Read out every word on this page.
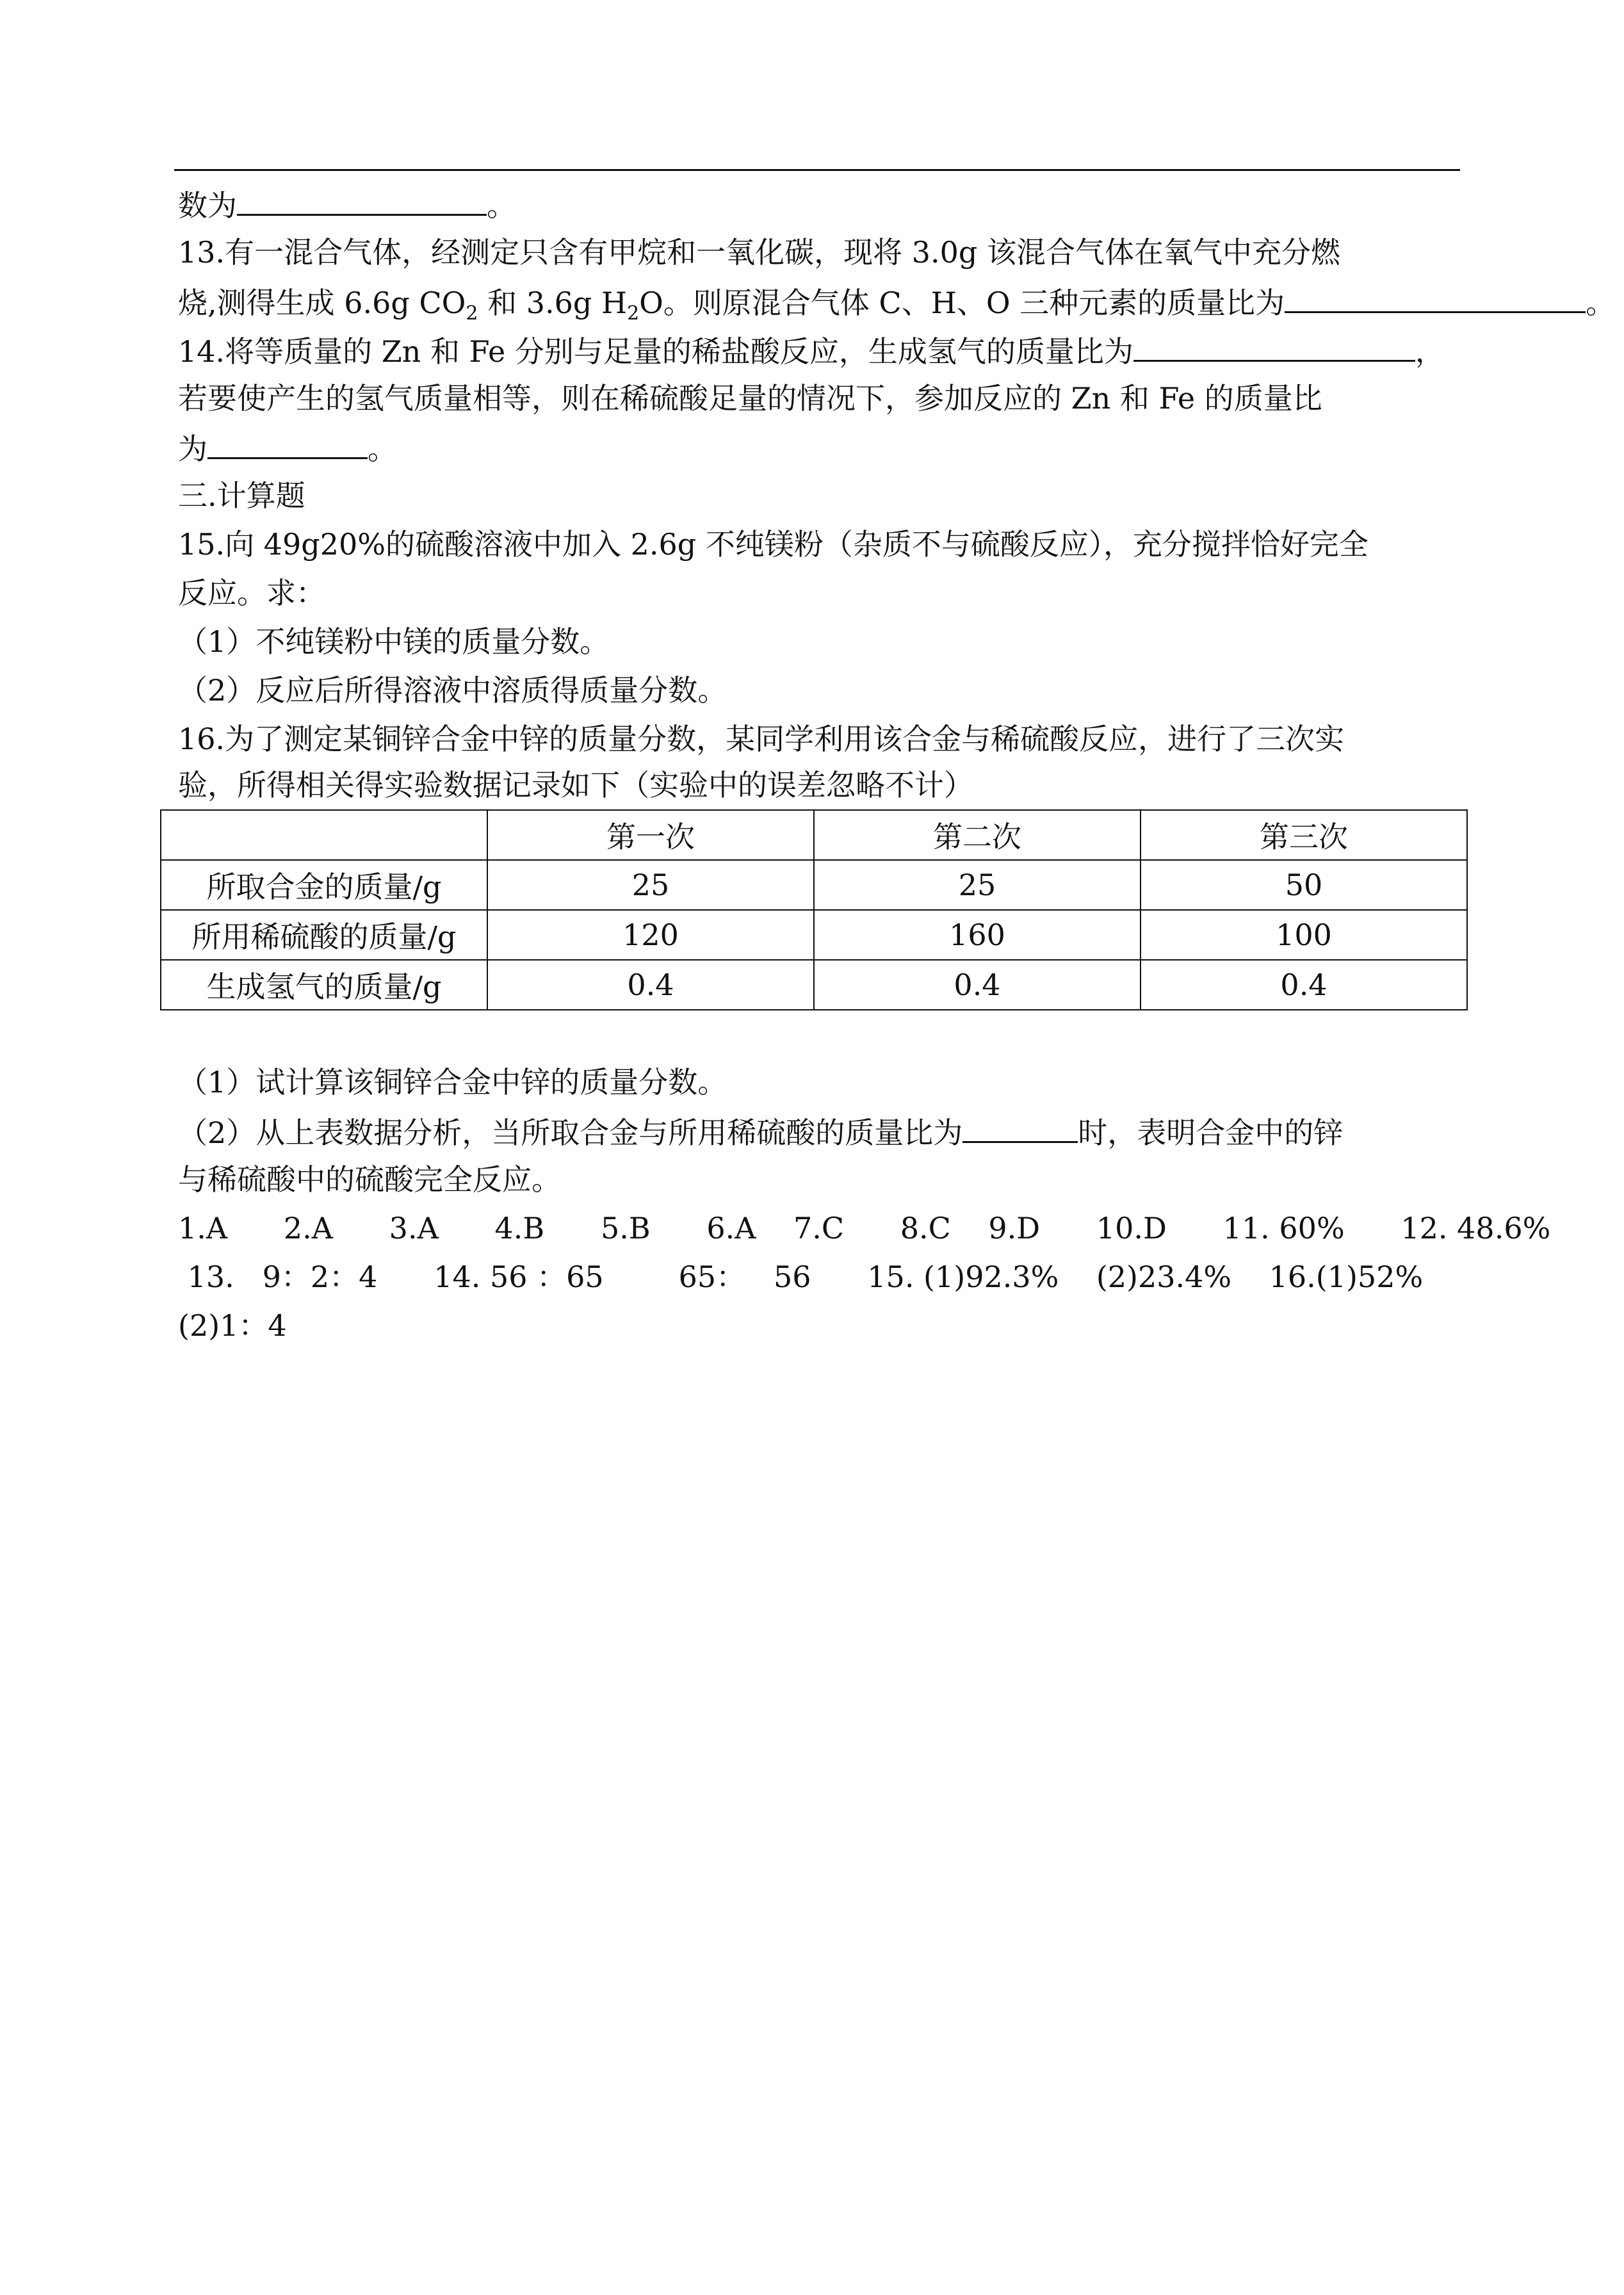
数为	。
13.有一混合气体，经测定只含有甲烷和一氧化碳，现将 3.0g 该混合气体在氧气中充分燃
烧,测得生成 6.6g $CO_2$ 和 3.6g $H_2O$。则原混合气体 C、H、O 三种元素的质量比为	。
14.将等质量的 Zn 和 Fe 分别与足量的稀盐酸反应，生成氢气的质量比为	，
若要使产生的氢气质量相等，则在稀硫酸足量的情况下，参加反应的 Zn 和 Fe 的质量比
为	。
三.计算题
15.向 49g20%的硫酸溶液中加入 2.6g 不纯镁粉（杂质不与硫酸反应），充分搅拌恰好完全
反应。求：
（1）不纯镁粉中镁的质量分数。
（2）反应后所得溶液中溶质得质量分数。
16.为了测定某铜锌合金中锌的质量分数，某同学利用该合金与稀硫酸反应，进行了三次实
验，所得相关得实验数据记录如下（实验中的误差忽略不计）
	第一次	第二次	第三次
所取合金的质量/g	25	25	50
所用稀硫酸的质量/g	120	160	100
生成氢气的质量/g	0.4	0.4	0.4
（1）试计算该铜锌合金中锌的质量分数。
（2）从上表数据分析，当所取合金与所用稀硫酸的质量比为	时，表明合金中的锌
与稀硫酸中的硫酸完全反应。
1.A      2.A      3.A      4.B      5.B      6.A    7.C      8.C    9.D      10.D      11. 60%      12. 48.6%
13.   9：2：4      14. 56 ：65        65：   56      15. (1)92.3%    (2)23.4%    16.(1)52%
(2)1：4
